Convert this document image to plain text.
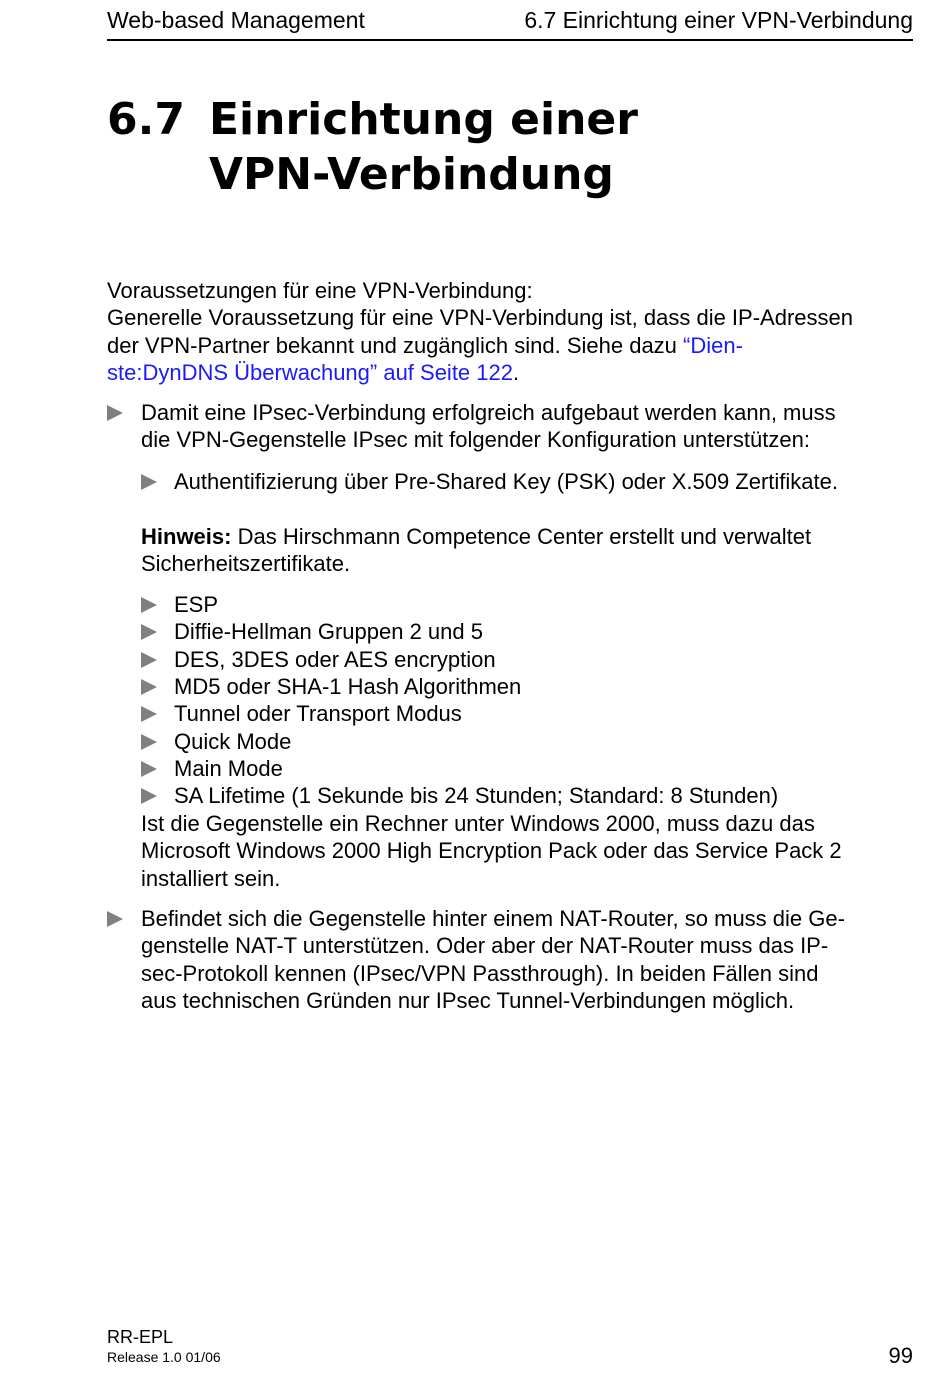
Web-based Management	6.7 Einrichtung einer VPN-Verbindung
6.7 Einrichtung einer
VPN-Verbindung
Voraussetzungen für eine VPN-Verbindung:
Generelle Voraussetzung für eine VPN-Verbindung ist, dass die IP-Adressen
der VPN-Partner bekannt und zugänglich sind. Siehe dazu “Dien-
ste:DynDNS Überwachung” auf Seite 122.
Damit eine IPsec-Verbindung erfolgreich aufgebaut werden kann, muss
die VPN-Gegenstelle IPsec mit folgender Konfiguration unterstützen:
Authentifizierung über Pre-Shared Key (PSK) oder X.509 Zertifikate.
Hinweis: Das Hirschmann Competence Center erstellt und verwaltet
Sicherheitszertifikate.
ESP
Diffie-Hellman Gruppen 2 und 5
DES, 3DES oder AES encryption
MD5 oder SHA-1 Hash Algorithmen
Tunnel oder Transport Modus
Quick Mode
Main Mode
SA Lifetime (1 Sekunde bis 24 Stunden; Standard: 8 Stunden)
Ist die Gegenstelle ein Rechner unter Windows 2000, muss dazu das
Microsoft Windows 2000 High Encryption Pack oder das Service Pack 2
installiert sein.
Befindet sich die Gegenstelle hinter einem NAT-Router, so muss die Ge-
genstelle NAT-T unterstützen. Oder aber der NAT-Router muss das IP-
sec-Protokoll kennen (IPsec/VPN Passthrough). In beiden Fällen sind
aus technischen Gründen nur IPsec Tunnel-Verbindungen möglich.
RR-EPL
Release 1.0 01/06	99
